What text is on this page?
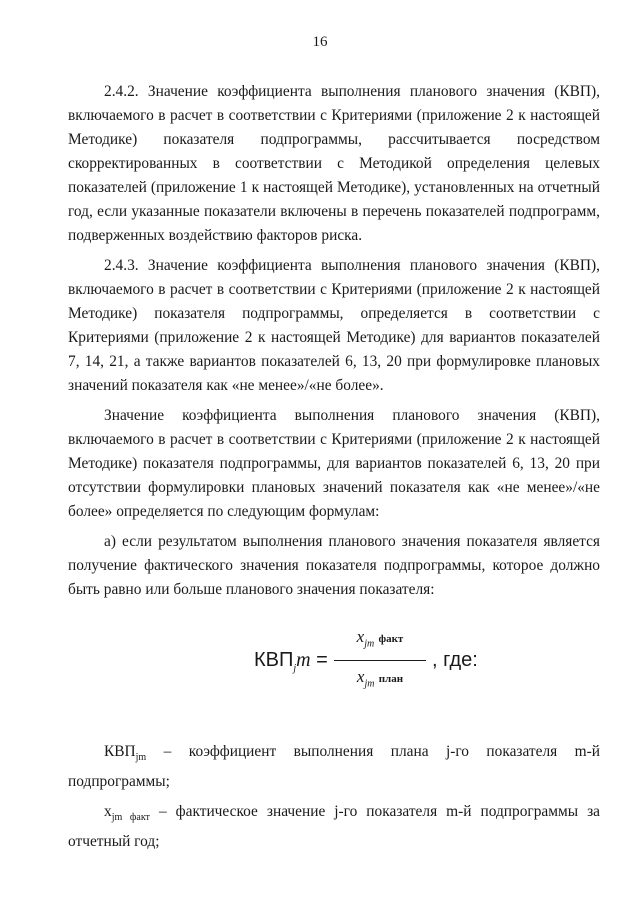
16

2.4.2. Значение коэффициента выполнения планового значения (КВП), включаемого в расчет в соответствии с Критериями (приложение 2 к настоящей Методике) показателя подпрограммы, рассчитывается посредством скорректированных в соответствии с Методикой определения целевых показателей (приложение 1 к настоящей Методике), установленных на отчетный год, если указанные показатели включены в перечень показателей подпрограмм, подверженных воздействию факторов риска.

2.4.3. Значение коэффициента выполнения планового значения (КВП), включаемого в расчет в соответствии с Критериями (приложение 2 к настоящей Методике) показателя подпрограммы, определяется в соответствии с Критериями (приложение 2 к настоящей Методике) для вариантов показателей 7, 14, 21, а также вариантов показателей 6, 13, 20 при формулировке плановых значений показателя как «не менее»/«не более».

Значение коэффициента выполнения планового значения (КВП), включаемого в расчет в соответствии с Критериями (приложение 2 к настоящей Методике) показателя подпрограммы, для вариантов показателей 6, 13, 20 при отсутствии формулировки плановых значений показателя как «не менее»/«не более» определяется по следующим формулам:

а) если результатом выполнения планового значения показателя является получение фактического значения показателя подпрограммы, которое должно быть равно или больше планового значения показателя:

$КВП_jm$ =
$x_{jm}$ факт
$x_{jm}$ план
, где:

$КВП_{jm}$ – коэффициент выполнения плана j-го показателя m-й подпрограммы;

$x_{jm факт}$ – фактическое значение j-го показателя m-й подпрограммы за отчетный год;
